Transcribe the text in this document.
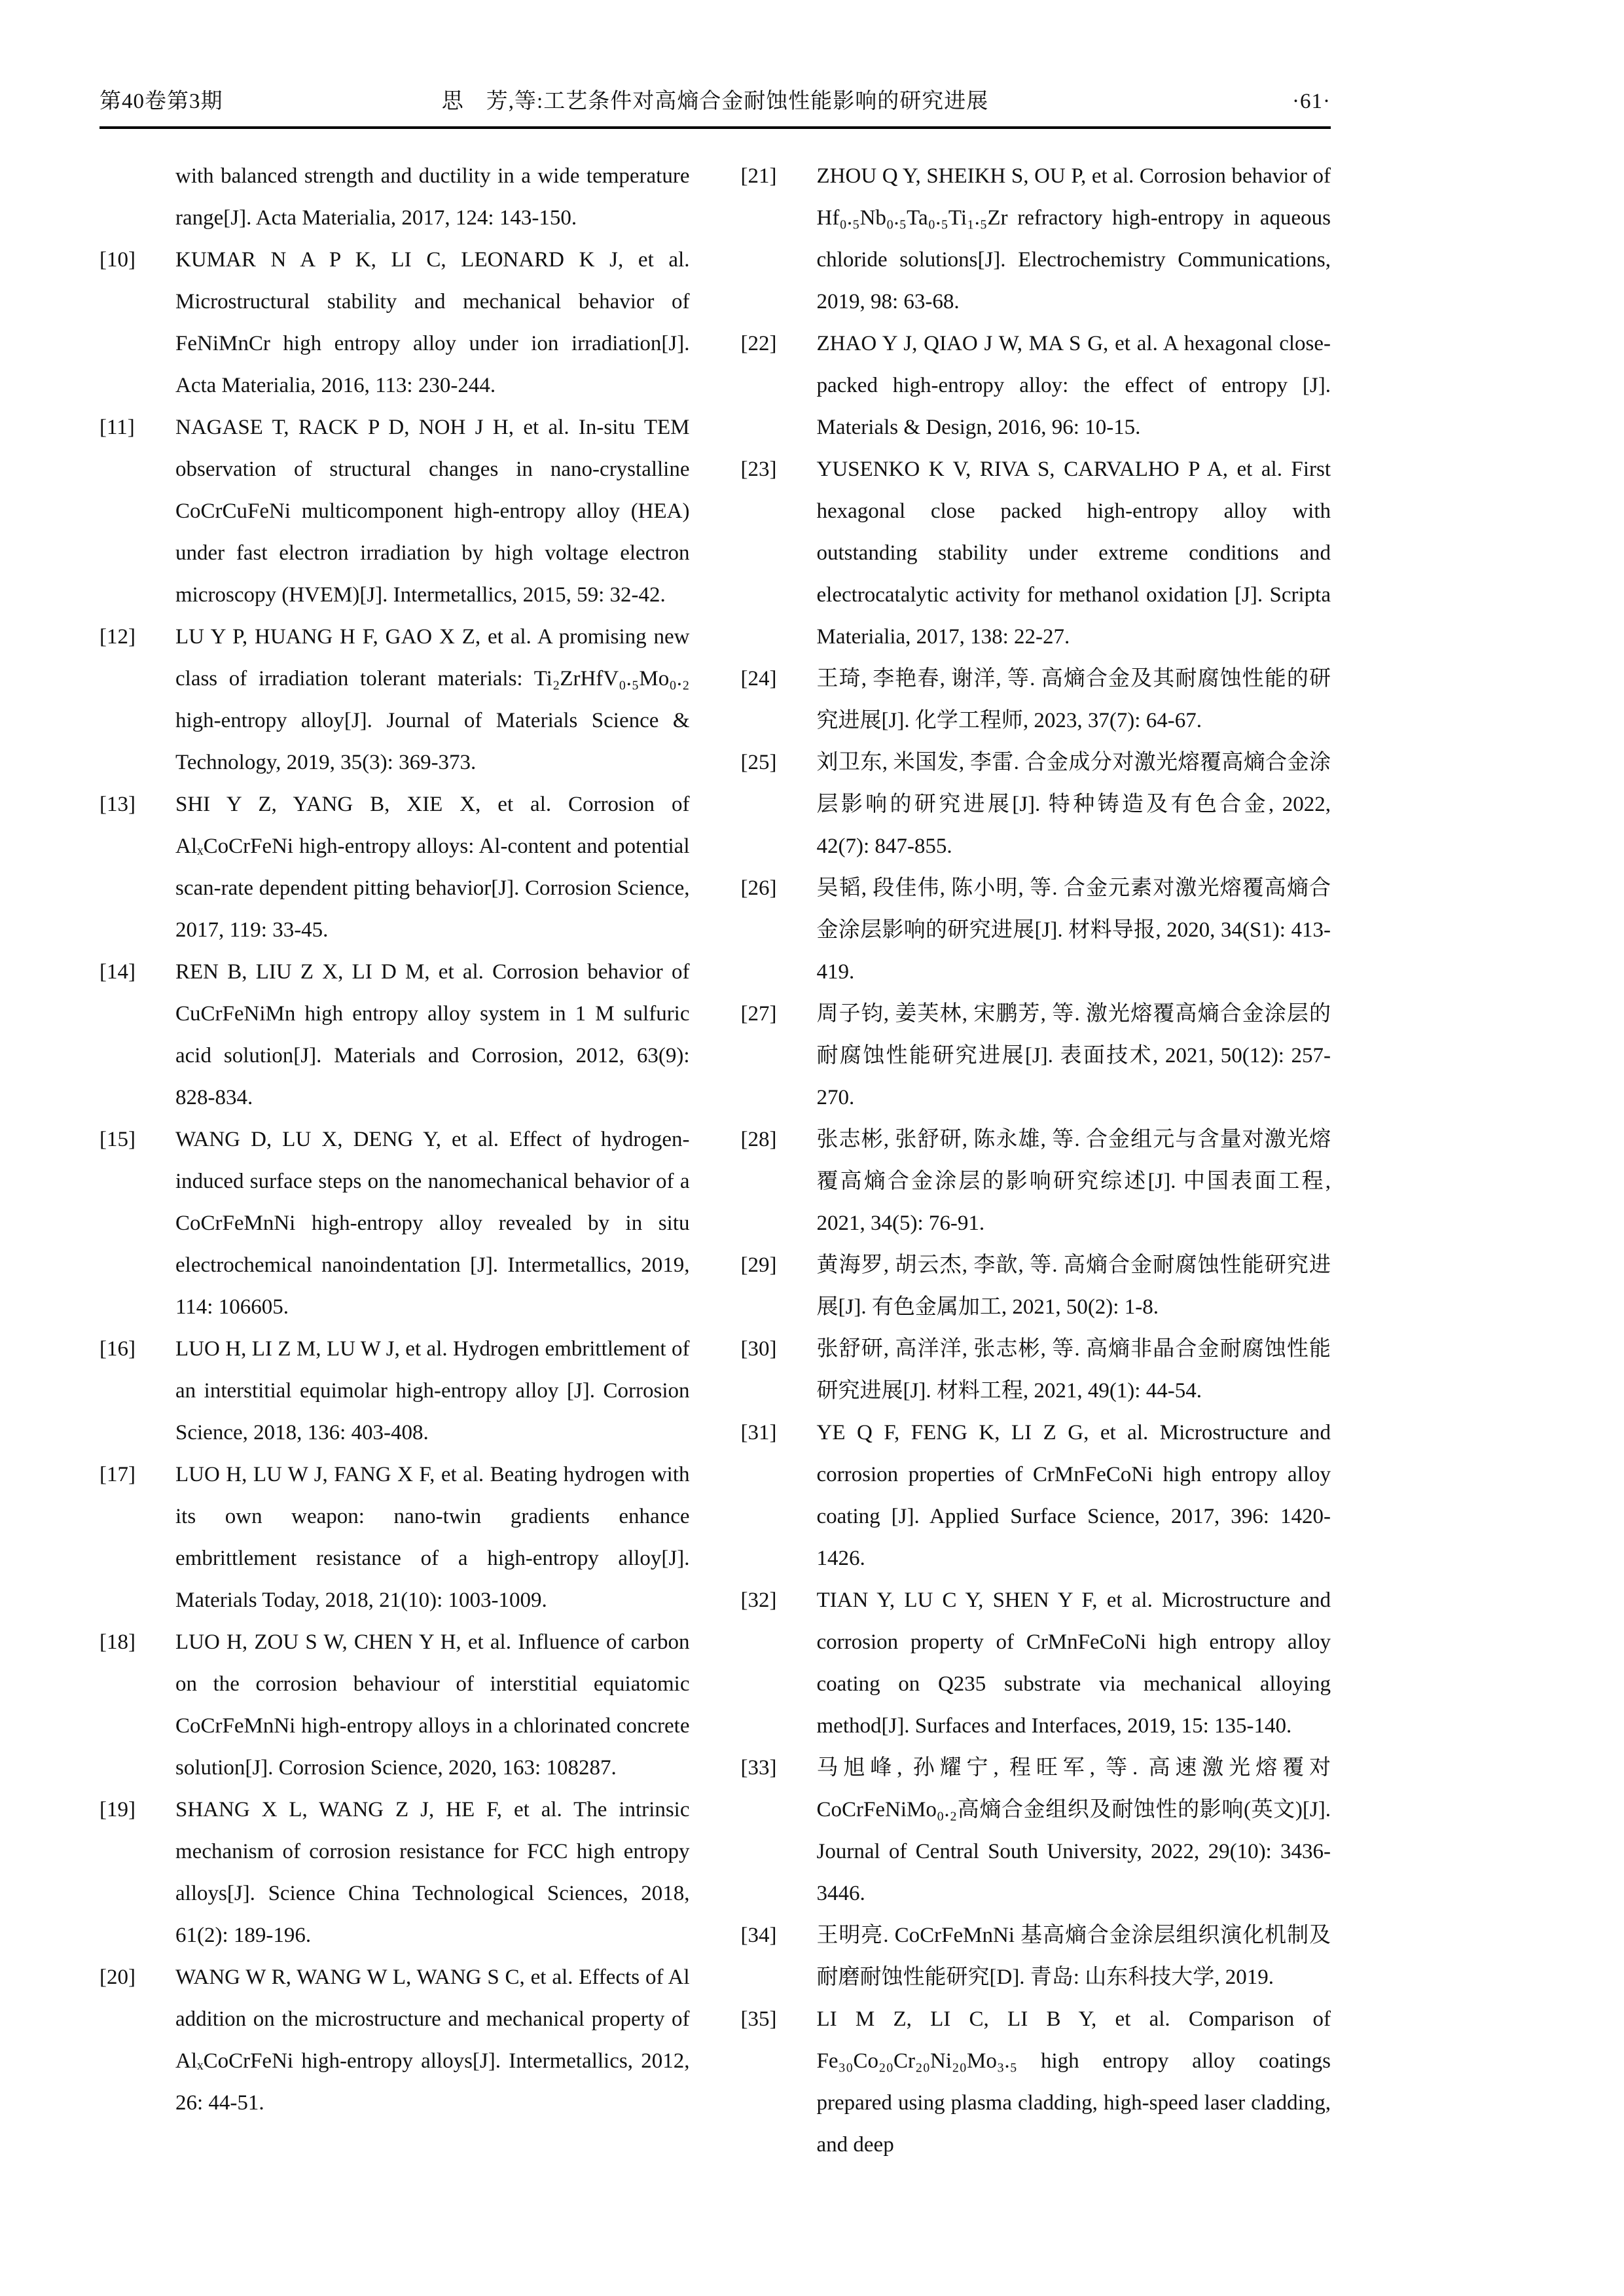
第40卷第3期	思　芳,等:工艺条件对高熵合金耐蚀性能影响的研究进展	·61·
with balanced strength and ductility in a wide temperature range[J]. Acta Materialia, 2017, 124: 143-150.
[10] KUMAR N A P K, LI C, LEONARD K J, et al. Microstructural stability and mechanical behavior of FeNiMnCr high entropy alloy under ion irradiation[J]. Acta Materialia, 2016, 113: 230-244.
[11] NAGASE T, RACK P D, NOH J H, et al. In-situ TEM observation of structural changes in nano-crystalline CoCrCuFeNi multicomponent high-entropy alloy (HEA) under fast electron irradiation by high voltage electron microscopy (HVEM)[J]. Intermetallics, 2015, 59: 32-42.
[12] LU Y P, HUANG H F, GAO X Z, et al. A promising new class of irradiation tolerant materials: Ti₂ZrHfV₀.₅Mo₀.₂ high-entropy alloy[J]. Journal of Materials Science & Technology, 2019, 35(3): 369-373.
[13] SHI Y Z, YANG B, XIE X, et al. Corrosion of AlₓCoCrFeNi high-entropy alloys: Al-content and potential scan-rate dependent pitting behavior[J]. Corrosion Science, 2017, 119: 33-45.
[14] REN B, LIU Z X, LI D M, et al. Corrosion behavior of CuCrFeNiMn high entropy alloy system in 1 M sulfuric acid solution[J]. Materials and Corrosion, 2012, 63(9): 828-834.
[15] WANG D, LU X, DENG Y, et al. Effect of hydrogen-induced surface steps on the nanomechanical behavior of a CoCrFeMnNi high-entropy alloy revealed by in situ electrochemical nanoindentation [J]. Intermetallics, 2019, 114: 106605.
[16] LUO H, LI Z M, LU W J, et al. Hydrogen embrittlement of an interstitial equimolar high-entropy alloy [J]. Corrosion Science, 2018, 136: 403-408.
[17] LUO H, LU W J, FANG X F, et al. Beating hydrogen with its own weapon: nano-twin gradients enhance embrittlement resistance of a high-entropy alloy[J]. Materials Today, 2018, 21(10): 1003-1009.
[18] LUO H, ZOU S W, CHEN Y H, et al. Influence of carbon on the corrosion behaviour of interstitial equiatomic CoCrFeMnNi high-entropy alloys in a chlorinated concrete solution[J]. Corrosion Science, 2020, 163: 108287.
[19] SHANG X L, WANG Z J, HE F, et al. The intrinsic mechanism of corrosion resistance for FCC high entropy alloys[J]. Science China Technological Sciences, 2018, 61(2): 189-196.
[20] WANG W R, WANG W L, WANG S C, et al. Effects of Al addition on the microstructure and mechanical property of AlₓCoCrFeNi high-entropy alloys[J]. Intermetallics, 2012, 26: 44-51.
[21] ZHOU Q Y, SHEIKH S, OU P, et al. Corrosion behavior of Hf₀.₅Nb₀.₅Ta₀.₅Ti₁.₅Zr refractory high-entropy in aqueous chloride solutions[J]. Electrochemistry Communications, 2019, 98: 63-68.
[22] ZHAO Y J, QIAO J W, MA S G, et al. A hexagonal close-packed high-entropy alloy: the effect of entropy [J]. Materials & Design, 2016, 96: 10-15.
[23] YUSENKO K V, RIVA S, CARVALHO P A, et al. First hexagonal close packed high-entropy alloy with outstanding stability under extreme conditions and electrocatalytic activity for methanol oxidation [J]. Scripta Materialia, 2017, 138: 22-27.
[24] 王琦, 李艳春, 谢洋, 等. 高熵合金及其耐腐蚀性能的研究进展[J]. 化学工程师, 2023, 37(7): 64-67.
[25] 刘卫东, 米国发, 李雷. 合金成分对激光熔覆高熵合金涂层影响的研究进展[J]. 特种铸造及有色合金, 2022, 42(7): 847-855.
[26] 吴韬, 段佳伟, 陈小明, 等. 合金元素对激光熔覆高熵合金涂层影响的研究进展[J]. 材料导报, 2020, 34(S1): 413-419.
[27] 周子钧, 姜芙林, 宋鹏芳, 等. 激光熔覆高熵合金涂层的耐腐蚀性能研究进展[J]. 表面技术, 2021, 50(12): 257-270.
[28] 张志彬, 张舒研, 陈永雄, 等. 合金组元与含量对激光熔覆高熵合金涂层的影响研究综述[J]. 中国表面工程, 2021, 34(5): 76-91.
[29] 黄海罗, 胡云杰, 李歆, 等. 高熵合金耐腐蚀性能研究进展[J]. 有色金属加工, 2021, 50(2): 1-8.
[30] 张舒研, 高洋洋, 张志彬, 等. 高熵非晶合金耐腐蚀性能研究进展[J]. 材料工程, 2021, 49(1): 44-54.
[31] YE Q F, FENG K, LI Z G, et al. Microstructure and corrosion properties of CrMnFeCoNi high entropy alloy coating [J]. Applied Surface Science, 2017, 396: 1420-1426.
[32] TIAN Y, LU C Y, SHEN Y F, et al. Microstructure and corrosion property of CrMnFeCoNi high entropy alloy coating on Q235 substrate via mechanical alloying method[J]. Surfaces and Interfaces, 2019, 15: 135-140.
[33] 马旭峰, 孙耀宁, 程旺军, 等. 高速激光熔覆对 CoCrFeNiMo₀.₂高熵合金组织及耐蚀性的影响(英文)[J]. Journal of Central South University, 2022, 29(10): 3436-3446.
[34] 王明亮. CoCrFeMnNi 基高熵合金涂层组织演化机制及耐磨耐蚀性能研究[D]. 青岛: 山东科技大学, 2019.
[35] LI M Z, LI C, LI B Y, et al. Comparison of Fe₃₀Co₂₀Cr₂₀Ni₂₀Mo₃.₅ high entropy alloy coatings prepared using plasma cladding, high-speed laser cladding, and deep
